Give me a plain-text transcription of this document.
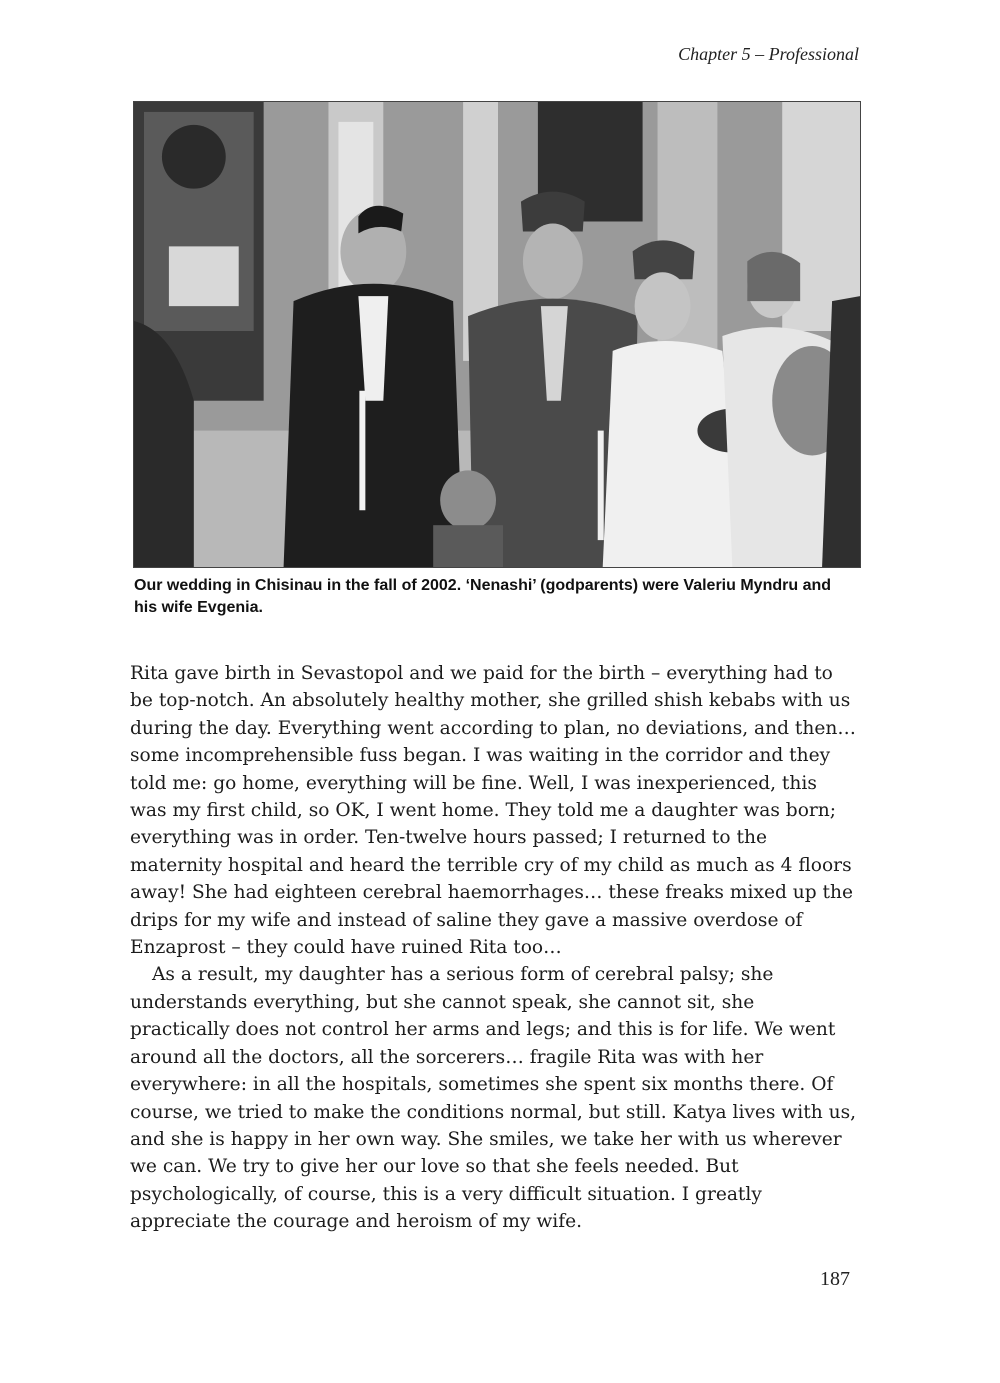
Chapter 5 – Professional
Our wedding in Chisinau in the fall of 2002. ‘Nenashi’ (godparents) were Valeriu Myndru and his wife Evgenia.

Rita gave birth in Sevastopol and we paid for the birth – everything had to be top-notch. An absolutely healthy mother, she grilled shish kebabs with us during the day. Everything went according to plan, no deviations, and then… some incomprehensible fuss began. I was waiting in the corridor and they told me: go home, everything will be fine. Well, I was inexperienced, this was my first child, so OK, I went home. They told me a daughter was born; everything was in order. Ten-twelve hours passed; I returned to the maternity hospital and heard the terrible cry of my child as much as 4 floors away! She had eighteen cerebral haemorrhages… these freaks mixed up the drips for my wife and instead of saline they gave a massive overdose of Enzaprost – they could have ruined Rita too…

As a result, my daughter has a serious form of cerebral palsy; she understands everything, but she cannot speak, she cannot sit, she practically does not control her arms and legs; and this is for life. We went around all the doctors, all the sorcerers… fragile Rita was with her everywhere: in all the hospitals, sometimes she spent six months there. Of course, we tried to make the conditions normal, but still. Katya lives with us, and she is happy in her own way. She smiles, we take her with us wherever we can. We try to give her our love so that she feels needed. But psychologically, of course, this is a very difficult situation. I greatly appreciate the courage and heroism of my wife.

187
